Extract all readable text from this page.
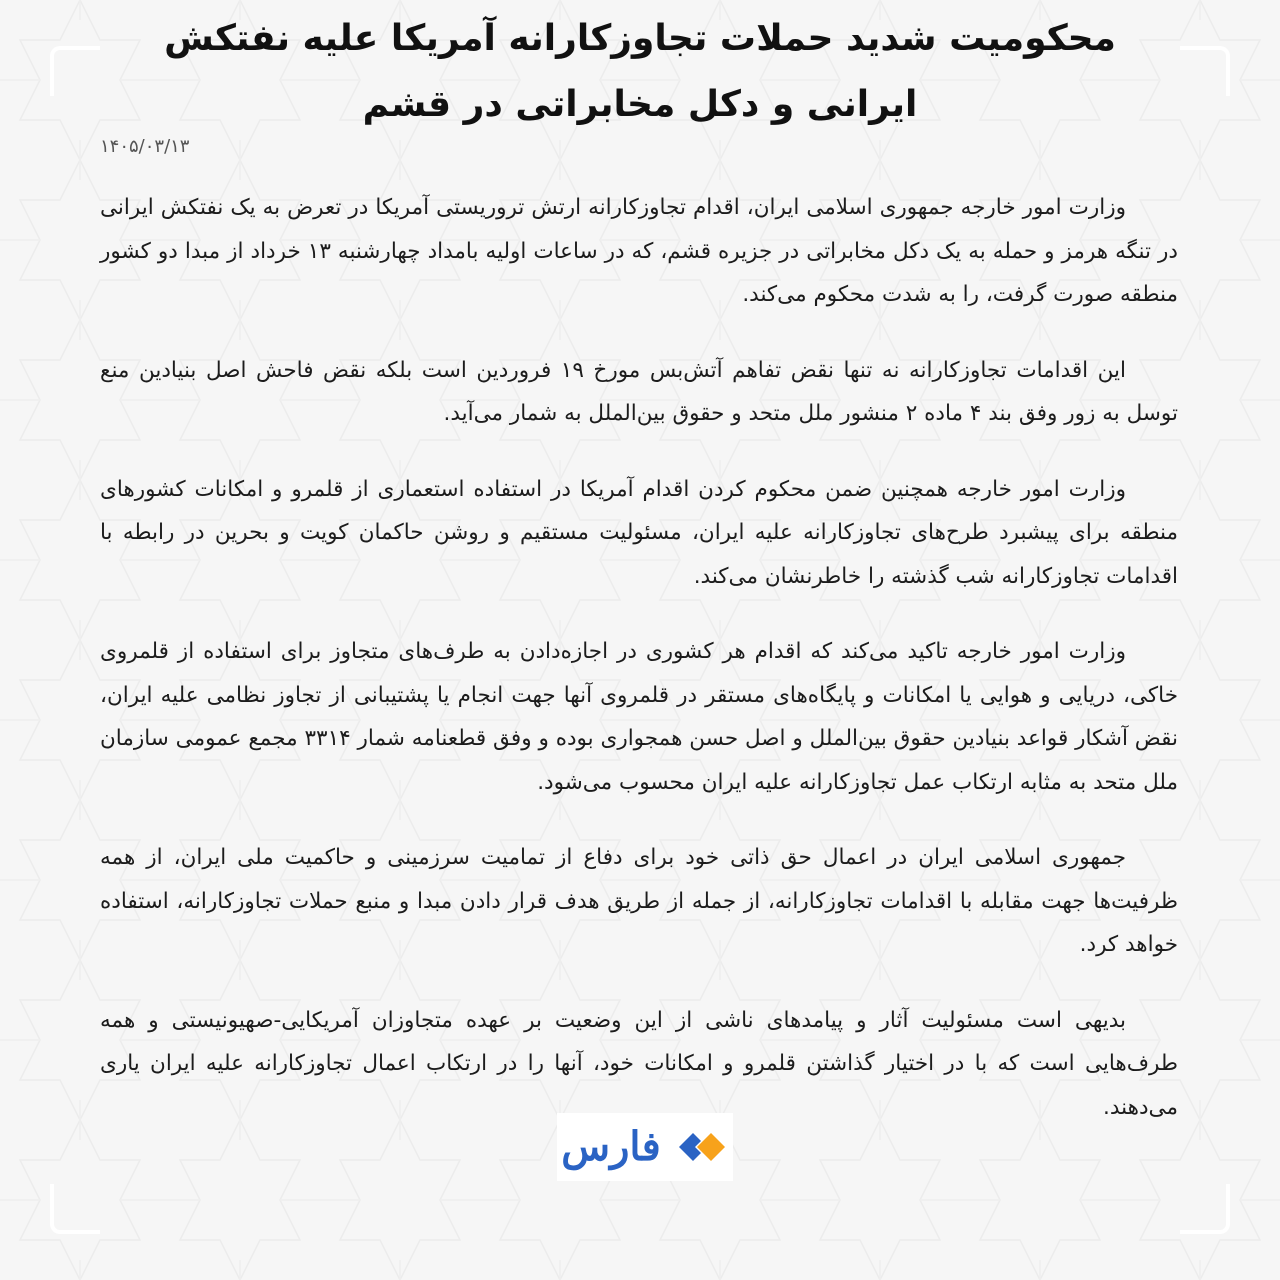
محکومیت شدید حملات تجاوزکارانه آمریکا علیه نفتکش ایرانی و دکل مخابراتی در قشم
۱۴۰۵/۰۳/۱۳

وزارت امور خارجه جمهوری اسلامی ایران، اقدام تجاوزکارانه ارتش تروریستی آمریکا در تعرض به یک نفتکش ایرانی در تنگه هرمز و حمله به یک دکل مخابراتی در جزیره قشم، که در ساعات اولیه بامداد چهارشنبه ۱۳ خرداد از مبدا دو کشور منطقه صورت گرفت، را به شدت محکوم می‌کند.

این اقدامات تجاوزکارانه نه تنها نقض تفاهم آتش‌بس مورخ ۱۹ فروردین است بلکه نقض فاحش اصل بنیادین منع توسل به زور وفق بند ۴ ماده ۲ منشور ملل متحد و حقوق بین‌الملل به شمار می‌آید.

وزارت امور خارجه همچنین ضمن محکوم کردن اقدام آمریکا در استفاده استعماری از قلمرو و امکانات کشورهای منطقه برای پیشبرد طرح‌های تجاوزکارانه علیه ایران، مسئولیت مستقیم و روشن حاکمان کویت و بحرین در رابطه با اقدامات تجاوزکارانه شب گذشته را خاطرنشان می‌کند.

وزارت امور خارجه تاکید می‌کند که اقدام هر کشوری در اجازه‌دادن به طرف‌های متجاوز برای استفاده از قلمروی خاکی، دریایی و هوایی یا امکانات و پایگاه‌های مستقر در قلمروی آنها جهت انجام یا پشتیبانی از تجاوز نظامی علیه ایران، نقض آشکار قواعد بنیادین حقوق بین‌الملل و اصل حسن همجواری بوده و وفق قطعنامه شمار ۳۳۱۴ مجمع عمومی سازمان ملل متحد به مثابه ارتکاب عمل تجاوزکارانه علیه ایران محسوب می‌شود.

جمهوری اسلامی ایران در اعمال حق ذاتی خود برای دفاع از تمامیت سرزمینی و حاکمیت ملی ایران، از همه ظرفیت‌ها جهت مقابله با اقدامات تجاوزکارانه، از جمله از طریق هدف قرار دادن مبدا و منبع حملات تجاوزکارانه، استفاده خواهد کرد.

بدیهی است مسئولیت آثار و پیامدهای ناشی از این وضعیت بر عهده متجاوزان آمریکایی-صهیونیستی و همه طرف‌هایی است که با در اختیار گذاشتن قلمرو و امکانات خود، آنها را در ارتکاب اعمال تجاوزکارانه علیه ایران یاری می‌دهند.

فارس
